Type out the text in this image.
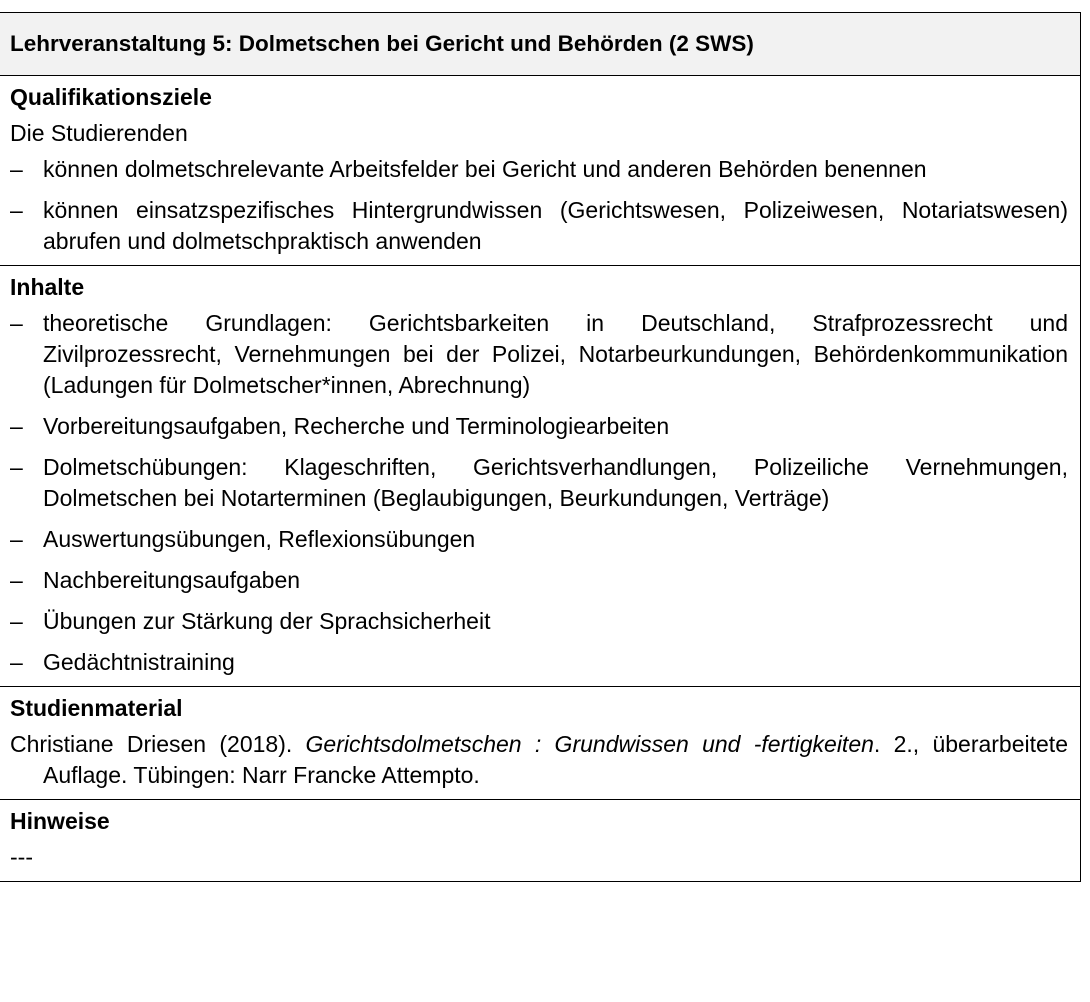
Lehrveranstaltung 5: Dolmetschen bei Gericht und Behörden (2 SWS)
Qualifikationsziele
Die Studierenden
– können dolmetschrelevante Arbeitsfelder bei Gericht und anderen Behörden benennen
– können einsatzspezifisches Hintergrundwissen (Gerichtswesen, Polizeiwesen, Notariatswesen) abrufen und dolmetschpraktisch anwenden
Inhalte
– theoretische Grundlagen: Gerichtsbarkeiten in Deutschland, Strafprozessrecht und Zivilprozessrecht, Vernehmungen bei der Polizei, Notarbeurkundungen, Behördenkommunikation (Ladungen für Dolmetscher*innen, Abrechnung)
– Vorbereitungsaufgaben, Recherche und Terminologiearbeiten
– Dolmetschübungen: Klageschriften, Gerichtsverhandlungen, Polizeiliche Vernehmungen, Dolmetschen bei Notarterminen (Beglaubigungen, Beurkundungen, Verträge)
– Auswertungsübungen, Reflexionsübungen
– Nachbereitungsaufgaben
– Übungen zur Stärkung der Sprachsicherheit
– Gedächtnistraining
Studienmaterial
Christiane Driesen (2018). Gerichtsdolmetschen : Grundwissen und -fertigkeiten. 2., überarbeitete Auflage. Tübingen: Narr Francke Attempto.
Hinweise
---
